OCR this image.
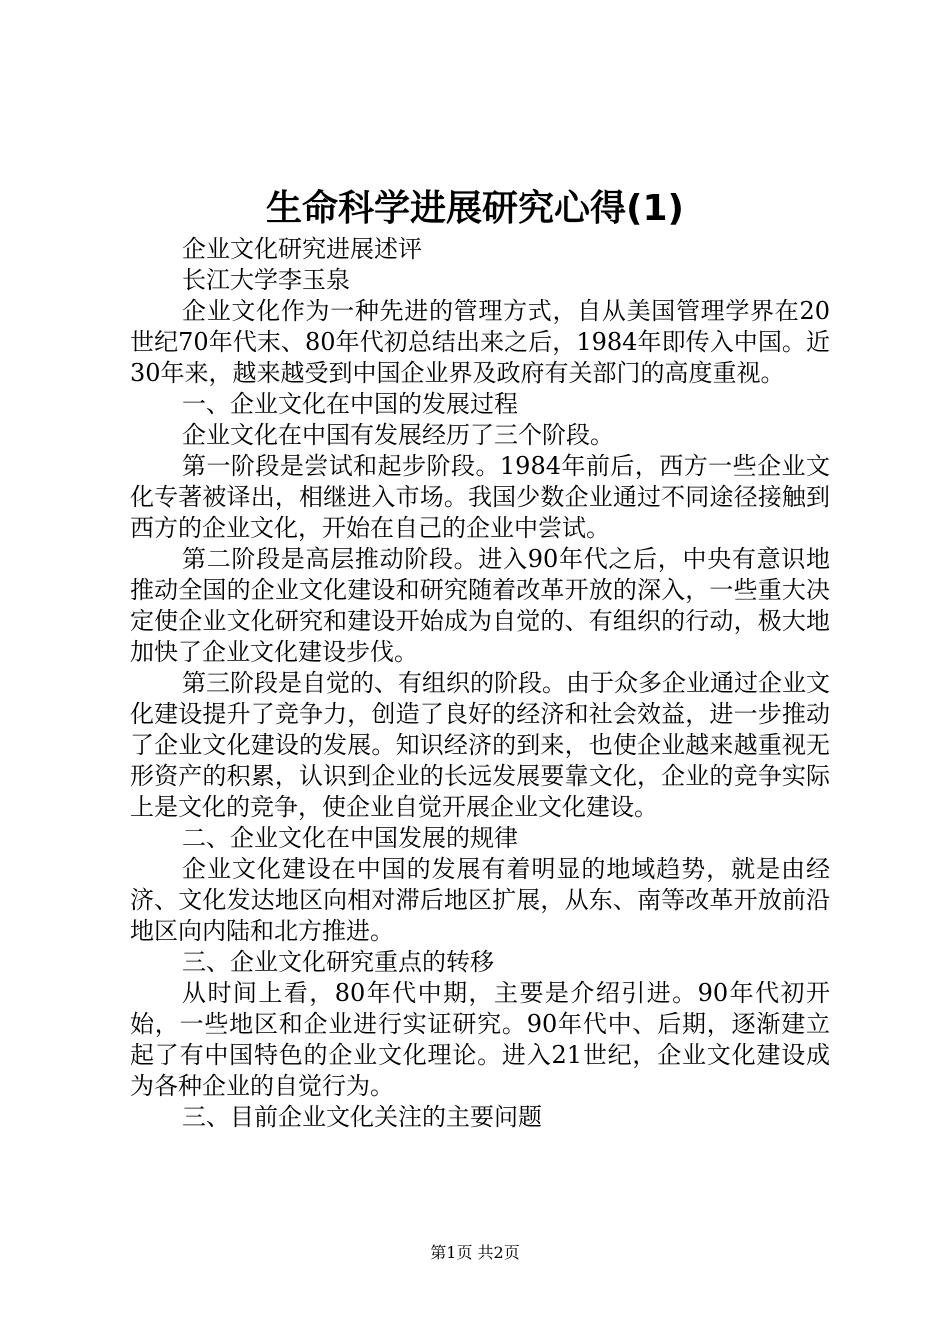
生命科学进展研究心得(1)

企业文化研究进展述评

长江大学李玉泉

企业文化作为一种先进的管理方式，自从美国管理学界在20世纪70年代末、80年代初总结出来之后，1984年即传入中国。近30年来，越来越受到中国企业界及政府有关部门的高度重视。

一、企业文化在中国的发展过程

企业文化在中国有发展经历了三个阶段。

第一阶段是尝试和起步阶段。1984年前后，西方一些企业文化专著被译出，相继进入市场。我国少数企业通过不同途径接触到西方的企业文化，开始在自己的企业中尝试。

第二阶段是高层推动阶段。进入90年代之后，中央有意识地推动全国的企业文化建设和研究随着改革开放的深入，一些重大决定使企业文化研究和建设开始成为自觉的、有组织的行动，极大地加快了企业文化建设步伐。

第三阶段是自觉的、有组织的阶段。由于众多企业通过企业文化建设提升了竞争力，创造了良好的经济和社会效益，进一步推动了企业文化建设的发展。知识经济的到来，也使企业越来越重视无形资产的积累，认识到企业的长远发展要靠文化，企业的竞争实际上是文化的竞争，使企业自觉开展企业文化建设。

二、企业文化在中国发展的规律

企业文化建设在中国的发展有着明显的地域趋势，就是由经济、文化发达地区向相对滞后地区扩展，从东、南等改革开放前沿地区向内陆和北方推进。

三、企业文化研究重点的转移

从时间上看，80年代中期，主要是介绍引进。90年代初开始，一些地区和企业进行实证研究。90年代中、后期，逐渐建立起了有中国特色的企业文化理论。进入21世纪，企业文化建设成为各种企业的自觉行为。

三、目前企业文化关注的主要问题

第1页 共2页
